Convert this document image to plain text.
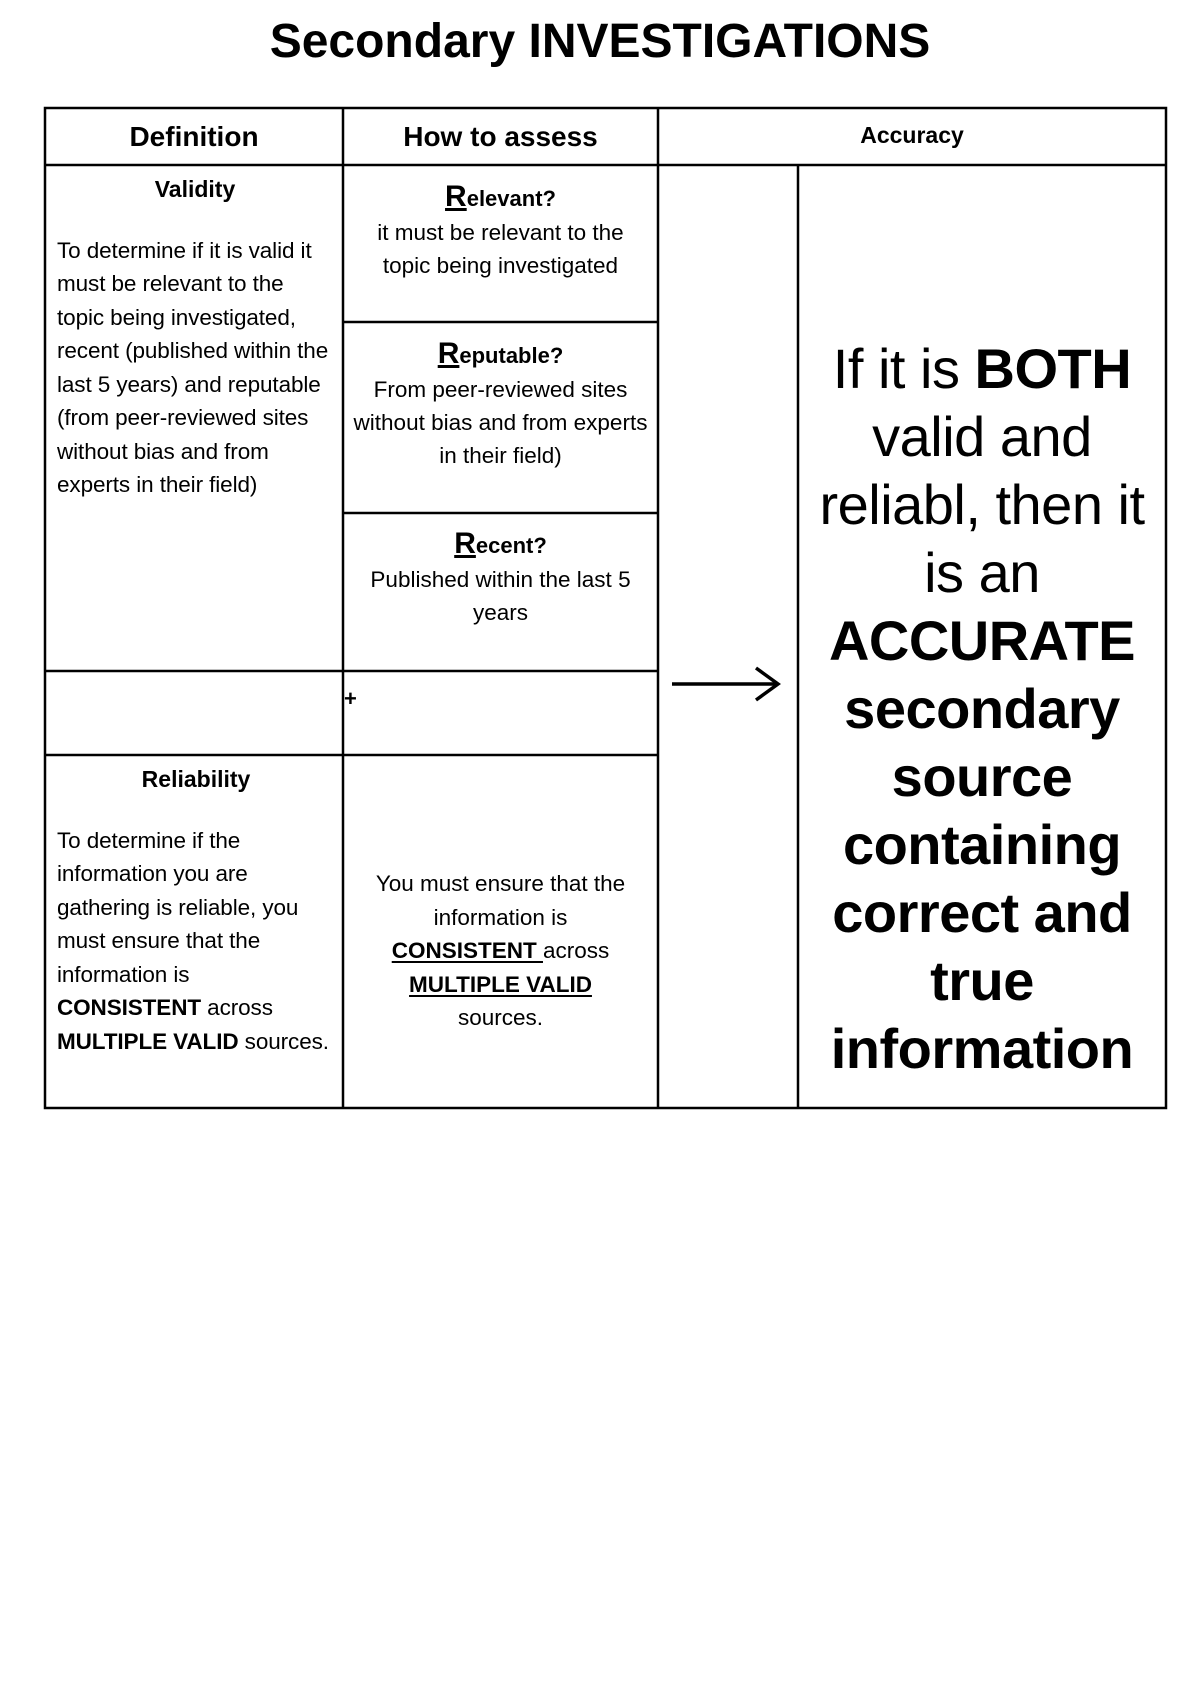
Secondary INVESTIGATIONS
Definition	How to assess	Accuracy

Validity

To determine if it is valid it must be relevant to the topic being investigated, recent (published within the last 5 years) and reputable (from peer-reviewed sites without bias and from experts in their field)

Relevant?
it must be relevant to the topic being investigated
Reputable?
From peer-reviewed sites without bias and from experts in their field)
Recent?
Published within the last 5 years
+

Reliability

To determine if the information you are gathering is reliable, you must ensure that the information is CONSISTENT across MULTIPLE VALID sources.

You must ensure that the information is
CONSISTENT across
MULTIPLE VALID
sources.

If it is BOTH valid and reliabl, then it is an ACCURATE secondary source containing correct and true information
